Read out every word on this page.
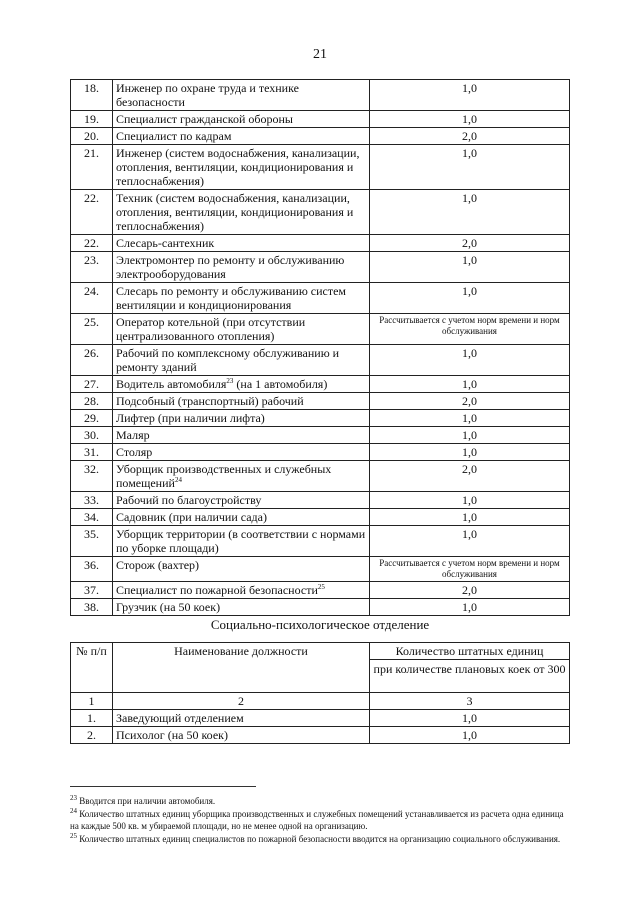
21
18.	Инженер по охране труда и технике безопасности	1,0
19.	Специалист гражданской обороны	1,0
20.	Специалист по кадрам	2,0
21.	Инженер (систем водоснабжения, канализации, отопления, вентиляции, кондиционирования и теплоснабжения)	1,0
22.	Техник (систем водоснабжения, канализации, отопления, вентиляции, кондиционирования и теплоснабжения)	1,0
22.	Слесарь-сантехник	2,0
23.	Электромонтер по ремонту и обслуживанию электрооборудования	1,0
24.	Слесарь по ремонту и обслуживанию систем вентиляции и кондиционирования	1,0
25.	Оператор котельной (при отсутствии централизованного отопления)	Рассчитывается с учетом норм времени и норм обслуживания
26.	Рабочий по комплексному обслуживанию и ремонту зданий	1,0
27.	Водитель автомобиля$^{23}$ (на 1 автомобиля)	1,0
28.	Подсобный (транспортный) рабочий	2,0
29.	Лифтер (при наличии лифта)	1,0
30.	Маляр	1,0
31.	Столяр	1,0
32.	Уборщик производственных и служебных помещений$^{24}$	2,0
33.	Рабочий по благоустройству	1,0
34.	Садовник (при наличии сада)	1,0
35.	Уборщик территории (в соответствии с нормами по уборке площади)	1,0
36.	Сторож (вахтер)	Рассчитывается с учетом норм времени и норм обслуживания
37.	Специалист по пожарной безопасности$^{25}$	2,0
38.	Грузчик (на 50 коек)	1,0
Социально-психологическое отделение
№ п/п	Наименование должности	Количество штатных единиц
при количестве плановых коек от 300

1	2	3
1.	Заведующий отделением	1,0
2.	Психолог (на 50 коек)	1,0

$^{23}$ Вводится при наличии автомобиля.

$^{24}$ Количество штатных единиц уборщика производственных и служебных помещений устанавливается из расчета одна единица на каждые 500 кв. м убираемой площади, но не менее одной на организацию.

$^{25}$ Количество штатных единиц специалистов по пожарной безопасности вводится на организацию социального обслуживания.
